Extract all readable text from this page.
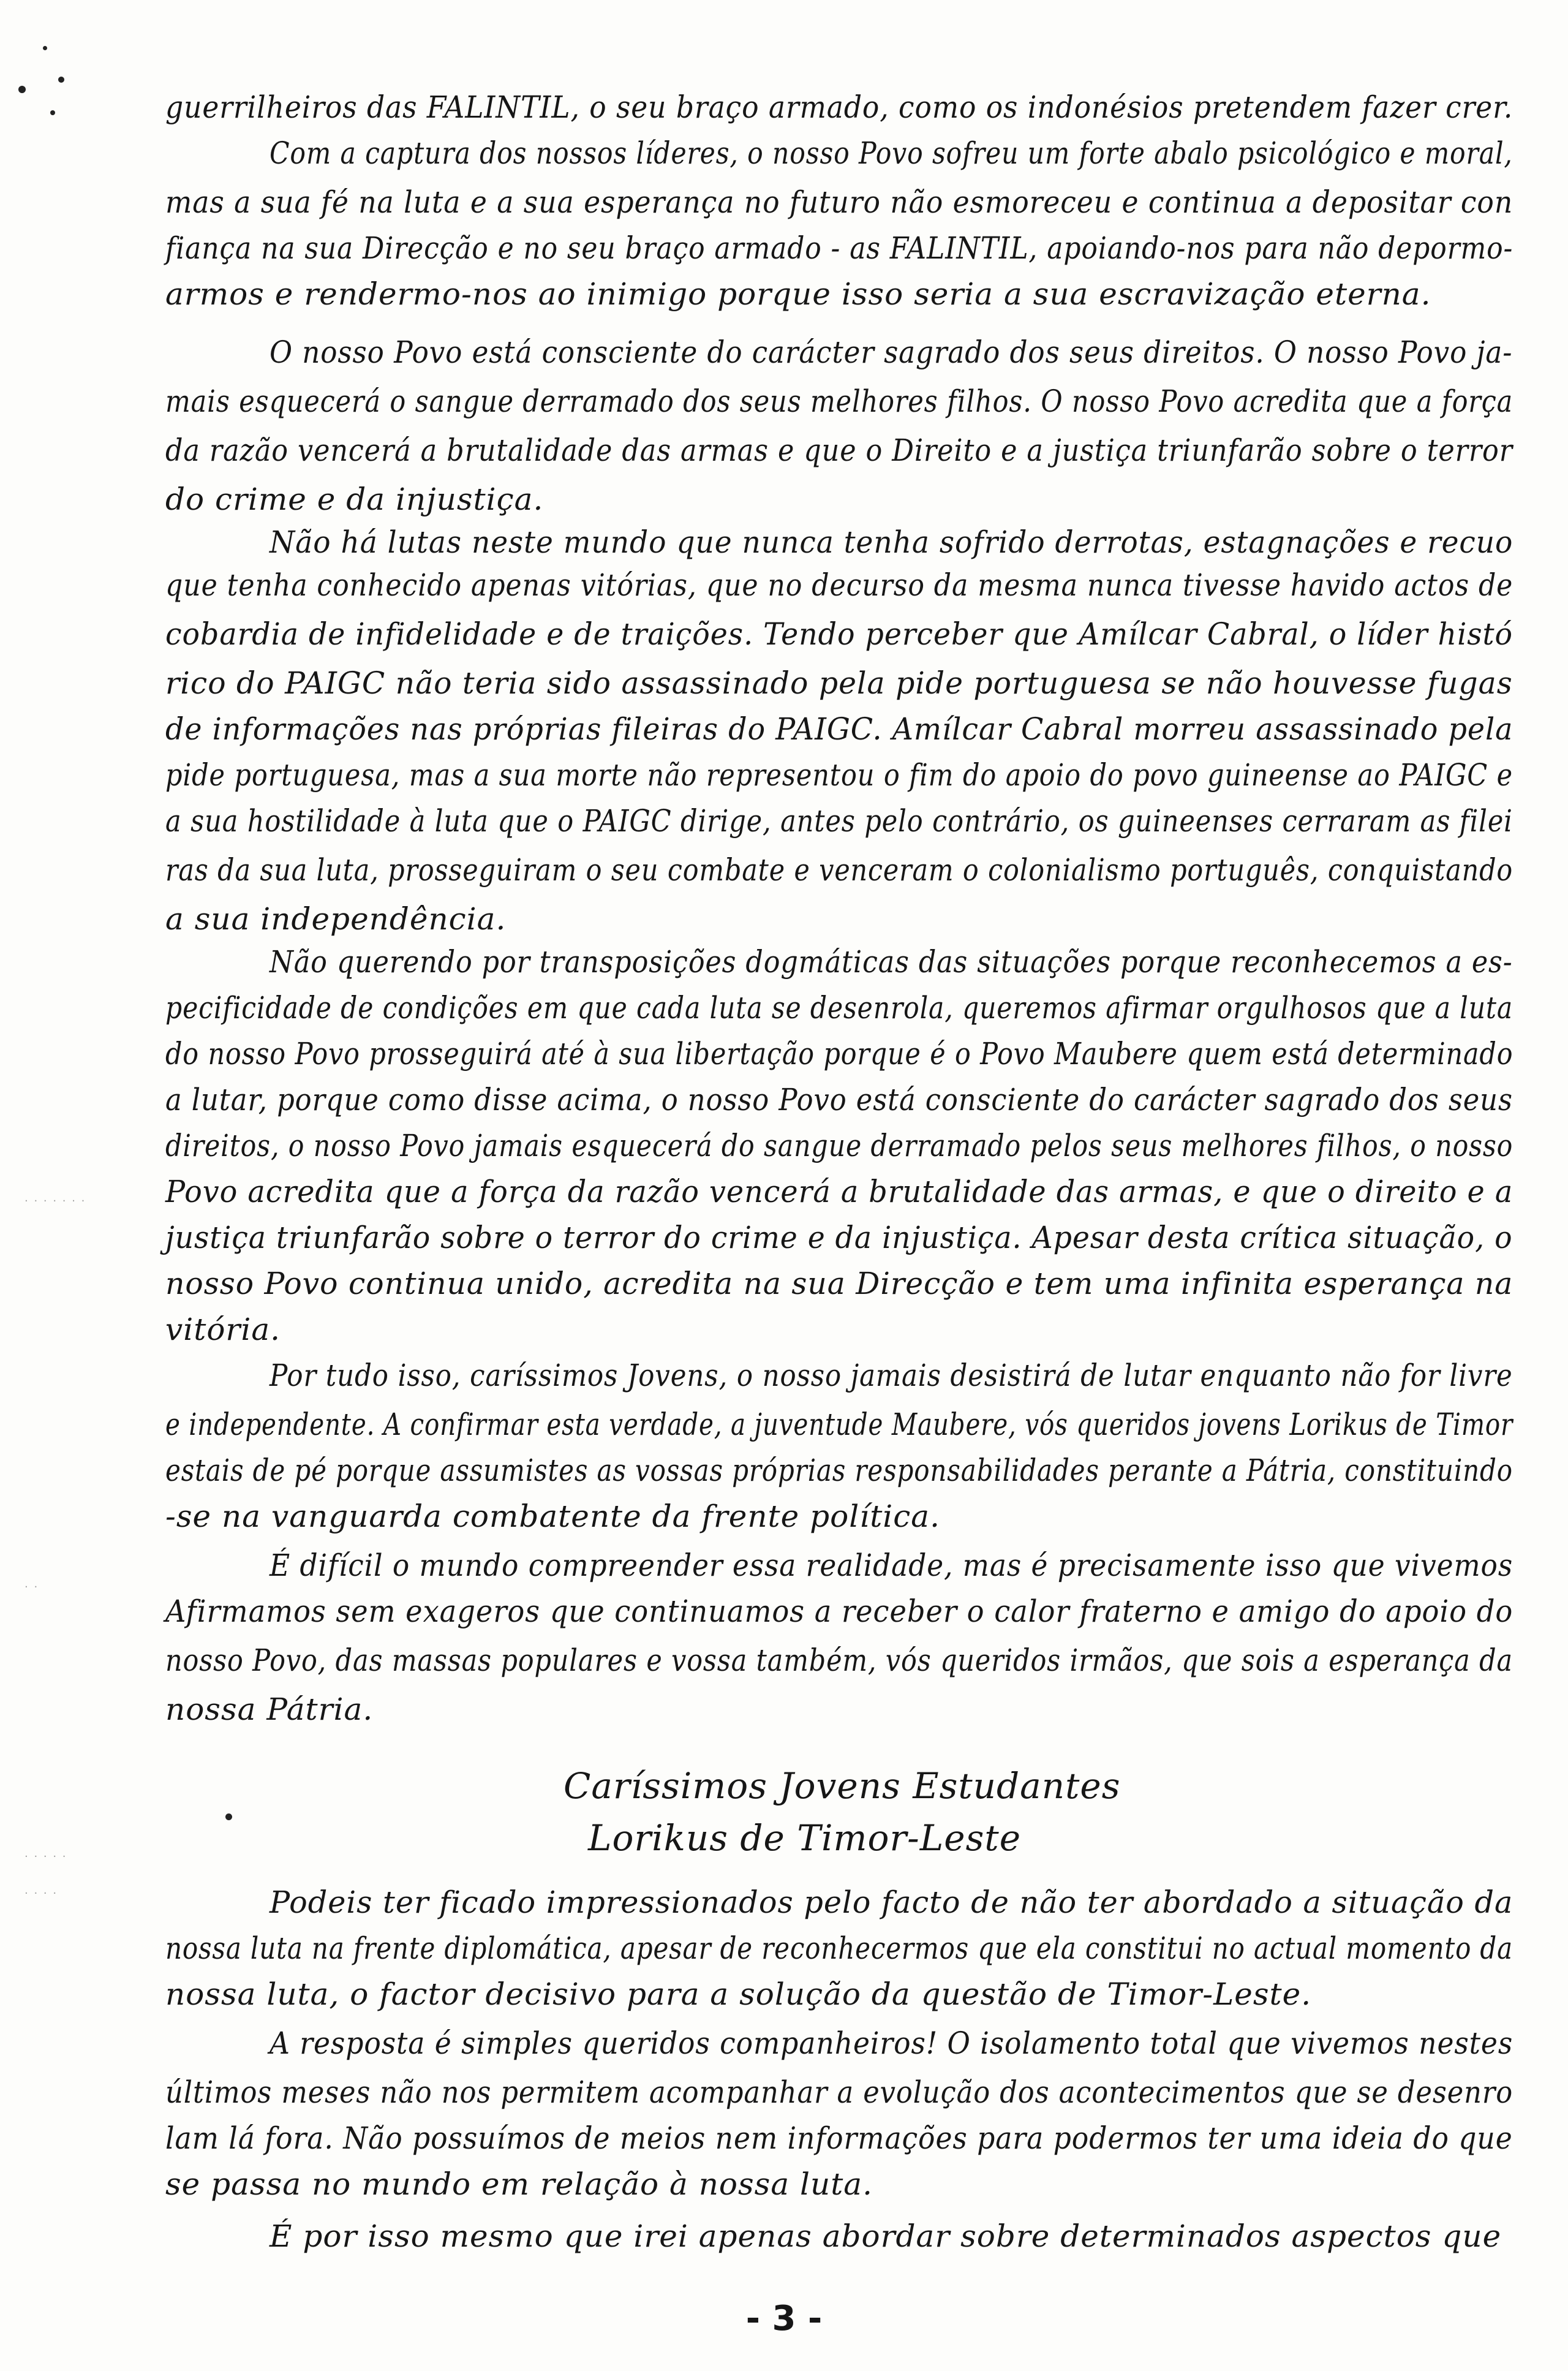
· · · · · · ·
· ·
· · · · ·
· · · ·
guerrilheiros das FALINTIL, o seu braço armado, como os indonésios pretendem fazer crer.
Com a captura dos nossos líderes, o nosso Povo sofreu um forte abalo psicológico e moral,
mas a sua fé na luta e a sua esperança no futuro não esmoreceu e continua a depositar con
fiança na sua Direcção e no seu braço armado - as FALINTIL, apoiando-nos para não depormo-
armos e rendermo-nos ao inimigo porque isso seria a sua escravização eterna.
O nosso Povo está consciente do carácter sagrado dos seus direitos. O nosso Povo ja-
mais esquecerá o sangue derramado dos seus melhores filhos. O nosso Povo acredita que a força
da razão vencerá a brutalidade das armas e que o Direito e a justiça triunfarão sobre o terror
do crime e da injustiça.
Não há lutas neste mundo que nunca tenha sofrido derrotas, estagnações e recuo
que tenha conhecido apenas vitórias, que no decurso da mesma nunca tivesse havido actos de
cobardia de infidelidade e de traições. Tendo perceber que Amílcar Cabral, o líder histó
rico do PAIGC não teria sido assassinado pela pide portuguesa se não houvesse fugas
de informações nas próprias fileiras do PAIGC. Amílcar Cabral morreu assassinado pela
pide portuguesa, mas a sua morte não representou o fim do apoio do povo guineense ao PAIGC e
a sua hostilidade à luta que o PAIGC dirige, antes pelo contrário, os guineenses cerraram as filei
ras da sua luta, prosseguiram o seu combate e venceram o colonialismo português, conquistando
a sua independência.
Não querendo por transposições dogmáticas das situações porque reconhecemos a es-
pecificidade de condições em que cada luta se desenrola, queremos afirmar orgulhosos que a luta
do nosso Povo prosseguirá até à sua libertação porque é o Povo Maubere quem está determinado
a lutar, porque como disse acima, o nosso Povo está consciente do carácter sagrado dos seus
direitos, o nosso Povo jamais esquecerá do sangue derramado pelos seus melhores filhos, o nosso
Povo acredita que a força da razão vencerá a brutalidade das armas, e que o direito e a
justiça triunfarão sobre o terror do crime e da injustiça. Apesar desta crítica situação, o
nosso Povo continua unido, acredita na sua Direcção e tem uma infinita esperança na
vitória.
Por tudo isso, caríssimos Jovens, o nosso jamais desistirá de lutar enquanto não for livre
e independente. A confirmar esta verdade, a juventude Maubere, vós queridos jovens Lorikus de Timor
estais de pé porque assumistes as vossas próprias responsabilidades perante a Pátria, constituindo
-se na vanguarda combatente da frente política.
É difícil o mundo compreender essa realidade, mas é precisamente isso que vivemos
Afirmamos sem exageros que continuamos a receber o calor fraterno e amigo do apoio do
nosso Povo, das massas populares e vossa também, vós queridos irmãos, que sois a esperança da
nossa Pátria.
Caríssimos Jovens Estudantes
Lorikus de Timor-Leste
Podeis ter ficado impressionados pelo facto de não ter abordado a situação da
nossa luta na frente diplomática, apesar de reconhecermos que ela constitui no actual momento da
nossa luta, o factor decisivo para a solução da questão de Timor-Leste.
A resposta é simples queridos companheiros! O isolamento total que vivemos nestes
últimos meses não nos permitem acompanhar a evolução dos acontecimentos que se desenro
lam lá fora. Não possuímos de meios nem informações para podermos ter uma ideia do que
se passa no mundo em relação à nossa luta.
É por isso mesmo que irei apenas abordar sobre determinados aspectos que
- 3 -
